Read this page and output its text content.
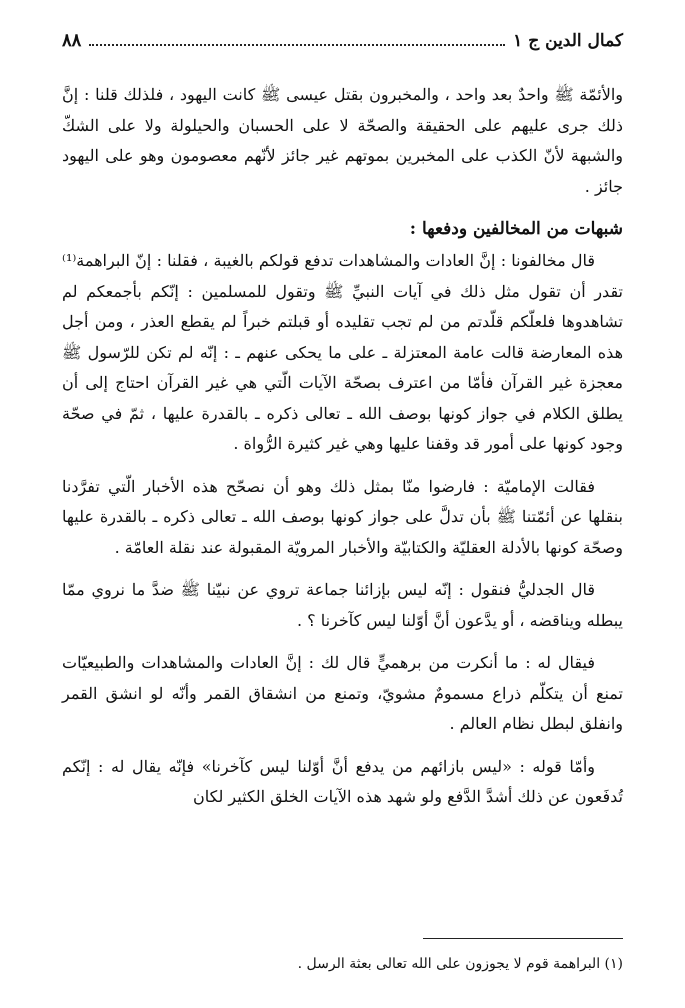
كمال الدين ج ١
٨٨

والأئمّة ﷺ واحدٌ بعد واحد ، والمخبرون بقتل عيسى ﷺ كانت اليهود ، فلذلك قلنا : إنَّ ذلك جرى عليهم على الحقيقة والصحّة لا على الحسبان والحيلولة ولا على الشكّ والشبهة لأنّ الكذب على المخبرين بموتهم غير جائز لأنّهم معصومون وهو على اليهود جائز .

شبهات من المخالفين ودفعها :

قال مخالفونا : إنَّ العادات والمشاهدات تدفع قولكم بالغيبة ، فقلنا : إنّ البراهمة⁽¹⁾ تقدر أن تقول مثل ذلك في آيات النبيِّ ﷺ وتقول للمسلمين : إنّكم بأجمعكم لم تشاهدوها فلعلّكم قلّدتم من لم تجب تقليده أو قبلتم خبراً لم يقطع العذر ، ومن أجل هذه المعارضة قالت عامة المعتزلة ـ على ما يحكى عنهم ـ : إنّه لم تكن للرّسول ﷺ معجزة غير القرآن فأمّا من اعترف بصحّة الآيات الّتي هي غير القرآن احتاج إلى أن يطلق الكلام في جواز كونها بوصف الله ـ تعالى ذكره ـ بالقدرة عليها ، ثمّ في صحّة وجود كونها على أمور قد وقفنا عليها وهي غير كثيرة الرُّواة .

فقالت الإماميّة : فارضوا منّا بمثل ذلك وهو أن نصحّح هذه الأخبار الّتي تفرَّدنا بنقلها عن أئمّتنا ﷺ بأن تدلَّ على جواز كونها بوصف الله ـ تعالى ذكره ـ بالقدرة عليها وصحّة كونها بالأدلة العقليّة والكتابيّة والأخبار المرويّة المقبولة عند نقلة العامّة .

قال الجدليُّ فنقول : إنّه ليس بإزائنا جماعة تروي عن نبيّنا ﷺ ضدَّ ما نروي ممّا يبطله ويناقضه ، أو يدَّعون أنَّ أوّلنا ليس كآخرنا ؟ .

فيقال له : ما أنكرت من برهميٍّ قال لك : إنَّ العادات والمشاهدات والطبيعيّات تمنع أن يتكلّم ذراع مسمومٌ مشويّ، وتمنع من انشقاق القمر وأنّه لو انشق القمر وانفلق لبطل نظام العالم .

وأمّا قوله : «ليس بازائهم من يدفع أنَّ أوّلنا ليس كآخرنا» فإنّه يقال له : إنّكم تُدفَعون عن ذلك أشدَّ الدَّفع ولو شهد هذه الآيات الخلق الكثير لكان

(١) البراهمة قوم لا يجوزون على الله تعالى بعثة الرسل .
